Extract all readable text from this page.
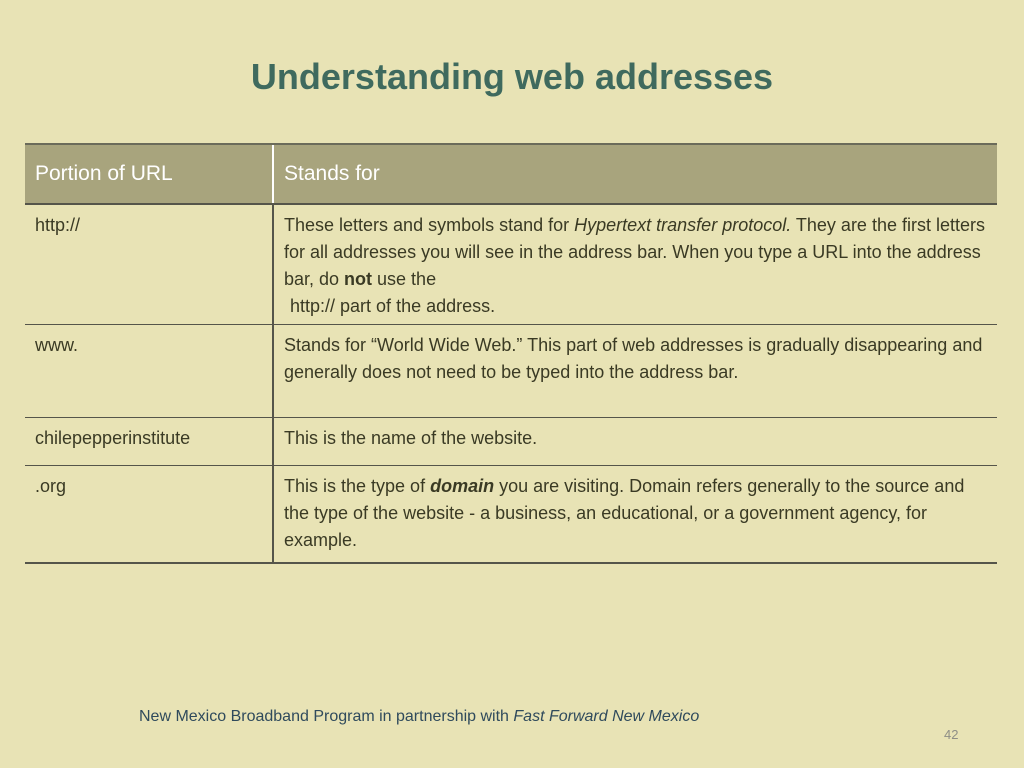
Understanding web addresses
Portion of URL	Stands for
http://	These letters and symbols stand for Hypertext transfer protocol. They are the first letters for all addresses you will see in the address bar. When you type a URL into the address bar, do not use the
http:// part of the address.
www.	Stands for “World Wide Web.” This part of web addresses is gradually disappearing and generally does not need to be typed into the address bar.
chilepepperinstitute	This is the name of the website.
.org	This is the type of domain you are visiting. Domain refers generally to the source and the type of the website - a business, an educational, or a government agency, for example.
New Mexico Broadband Program in partnership with Fast Forward New Mexico
42
